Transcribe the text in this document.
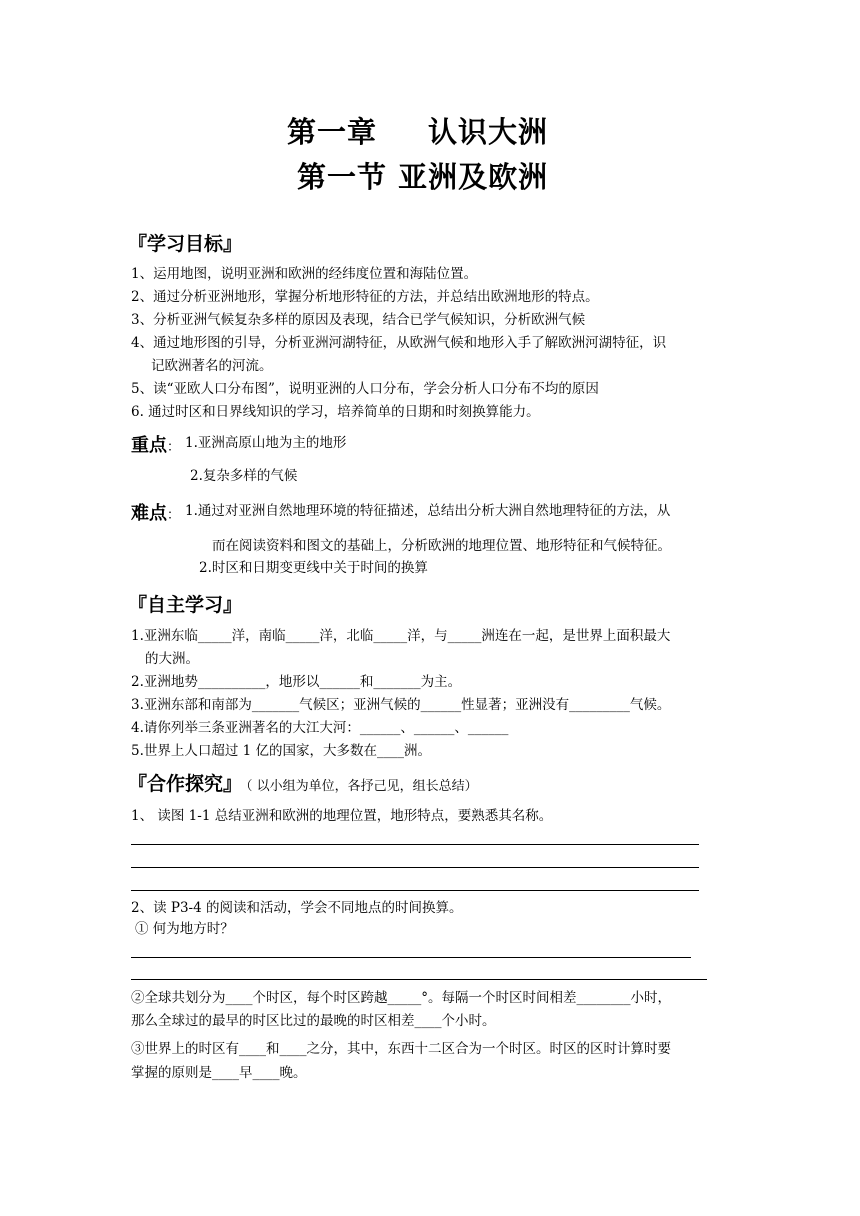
第一章 认识大洲
第一节 亚洲及欧洲
『学习目标』
1、运用地图，说明亚洲和欧洲的经纬度位置和海陆位置。
2、通过分析亚洲地形，掌握分析地形特征的方法，并总结出欧洲地形的特点。
3、分析亚洲气候复杂多样的原因及表现，结合已学气候知识，分析欧洲气候
4、通过地形图的引导，分析亚洲河湖特征，从欧洲气候和地形入手了解欧洲河湖特征，识
记欧洲著名的河流。
5、读“亚欧人口分布图”，说明亚洲的人口分布，学会分析人口分布不均的原因
6. 通过时区和日界线知识的学习，培养简单的日期和时刻换算能力。
重点： 1.亚洲高原山地为主的地形
2.复杂多样的气候
难点： 1.通过对亚洲自然地理环境的特征描述，总结出分析大洲自然地理特征的方法，从
而在阅读资料和图文的基础上，分析欧洲的地理位置、地形特征和气候特征。
2.时区和日期变更线中关于时间的换算
『自主学习』
1.亚洲东临_____洋，南临_____洋，北临_____洋，与_____洲连在一起，是世界上面积最大
的大洲。
2.亚洲地势__________，地形以______和_______为主。
3.亚洲东部和南部为_______气候区；亚洲气候的______性显著；亚洲没有_________气候。
4.请你列举三条亚洲著名的大江大河：______、______、______
5.世界上人口超过 1 亿的国家，大多数在____洲。
『合作探究』 （ 以小组为单位，各抒己见，组长总结）
1、 读图 1-1 总结亚洲和欧洲的地理位置，地形特点，要熟悉其名称。
2、读 P3-4 的阅读和活动，学会不同地点的时间换算。
① 何为地方时？
②全球共划分为____个时区，每个时区跨越_____°。每隔一个时区时间相差________小时，
那么全球过的最早的时区比过的最晚的时区相差____个小时。
③世界上的时区有____和____之分，其中，东西十二区合为一个时区。时区的区时计算时要
掌握的原则是____早____晚。
